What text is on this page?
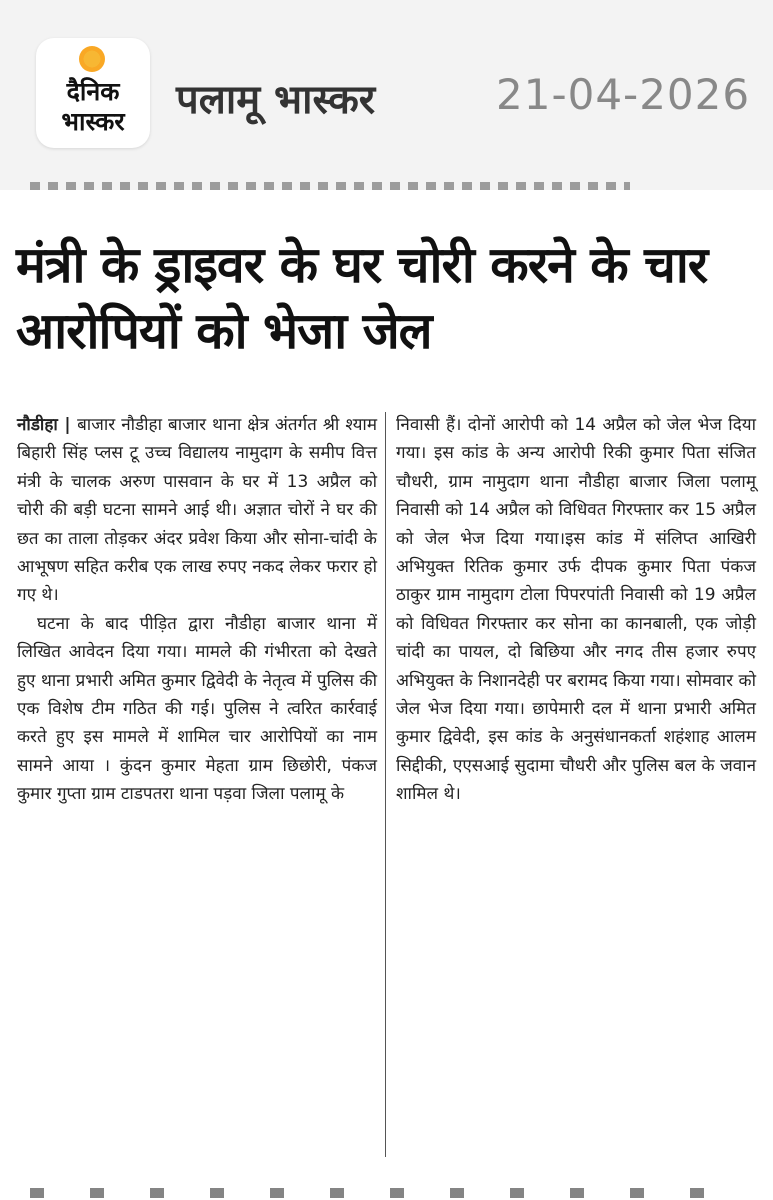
दैनिक
भास्कर	पलामू भास्कर	21-04-2026
मंत्री के ड्राइवर के घर चोरी करने के चार आरोपियों को भेजा जेल

नौडीहा | बाजार नौडीहा बाजार थाना क्षेत्र अंतर्गत श्री श्याम बिहारी सिंह प्लस टू उच्च विद्यालय नामुदाग के समीप वित्त मंत्री के चालक अरुण पासवान के घर में 13 अप्रैल को चोरी की बड़ी घटना सामने आई थी। अज्ञात चोरों ने घर की छत का ताला तोड़कर अंदर प्रवेश किया और सोना-चांदी के आभूषण सहित करीब एक लाख रुपए नकद लेकर फरार हो गए थे।

घटना के बाद पीड़ित द्वारा नौडीहा बाजार थाना में लिखित आवेदन दिया गया। मामले की गंभीरता को देखते हुए थाना प्रभारी अमित कुमार द्विवेदी के नेतृत्व में पुलिस की एक विशेष टीम गठित की गई। पुलिस ने त्वरित कार्रवाई करते हुए इस मामले में शामिल चार आरोपियों का नाम सामने आया । कुंदन कुमार मेहता ग्राम छिछोरी, पंकज कुमार गुप्ता ग्राम टाडपतरा थाना पड़वा जिला पलामू के

निवासी हैं। दोनों आरोपी को 14 अप्रैल को जेल भेज दिया गया। इस कांड के अन्य आरोपी रिकी कुमार पिता संजित चौधरी, ग्राम नामुदाग थाना नौडीहा बाजार जिला पलामू निवासी को 14 अप्रैल को विधिवत गिरफ्तार कर 15 अप्रैल को जेल भेज दिया गया।इस कांड में संलिप्त आखिरी अभियुक्त रितिक कुमार उर्फ दीपक कुमार पिता पंकज ठाकुर ग्राम नामुदाग टोला पिपरपांती निवासी को 19 अप्रैल को विधिवत गिरफ्तार कर सोना का कानबाली, एक जोड़ी चांदी का पायल, दो बिछिया और नगद तीस हजार रुपए अभियुक्त के निशानदेही पर बरामद किया गया। सोमवार को जेल भेज दिया गया। छापेमारी दल में थाना प्रभारी अमित कुमार द्विवेदी, इस कांड के अनुसंधानकर्ता शहंशाह आलम सिद्दीकी, एएसआई सुदामा चौधरी और पुलिस बल के जवान शामिल थे।
